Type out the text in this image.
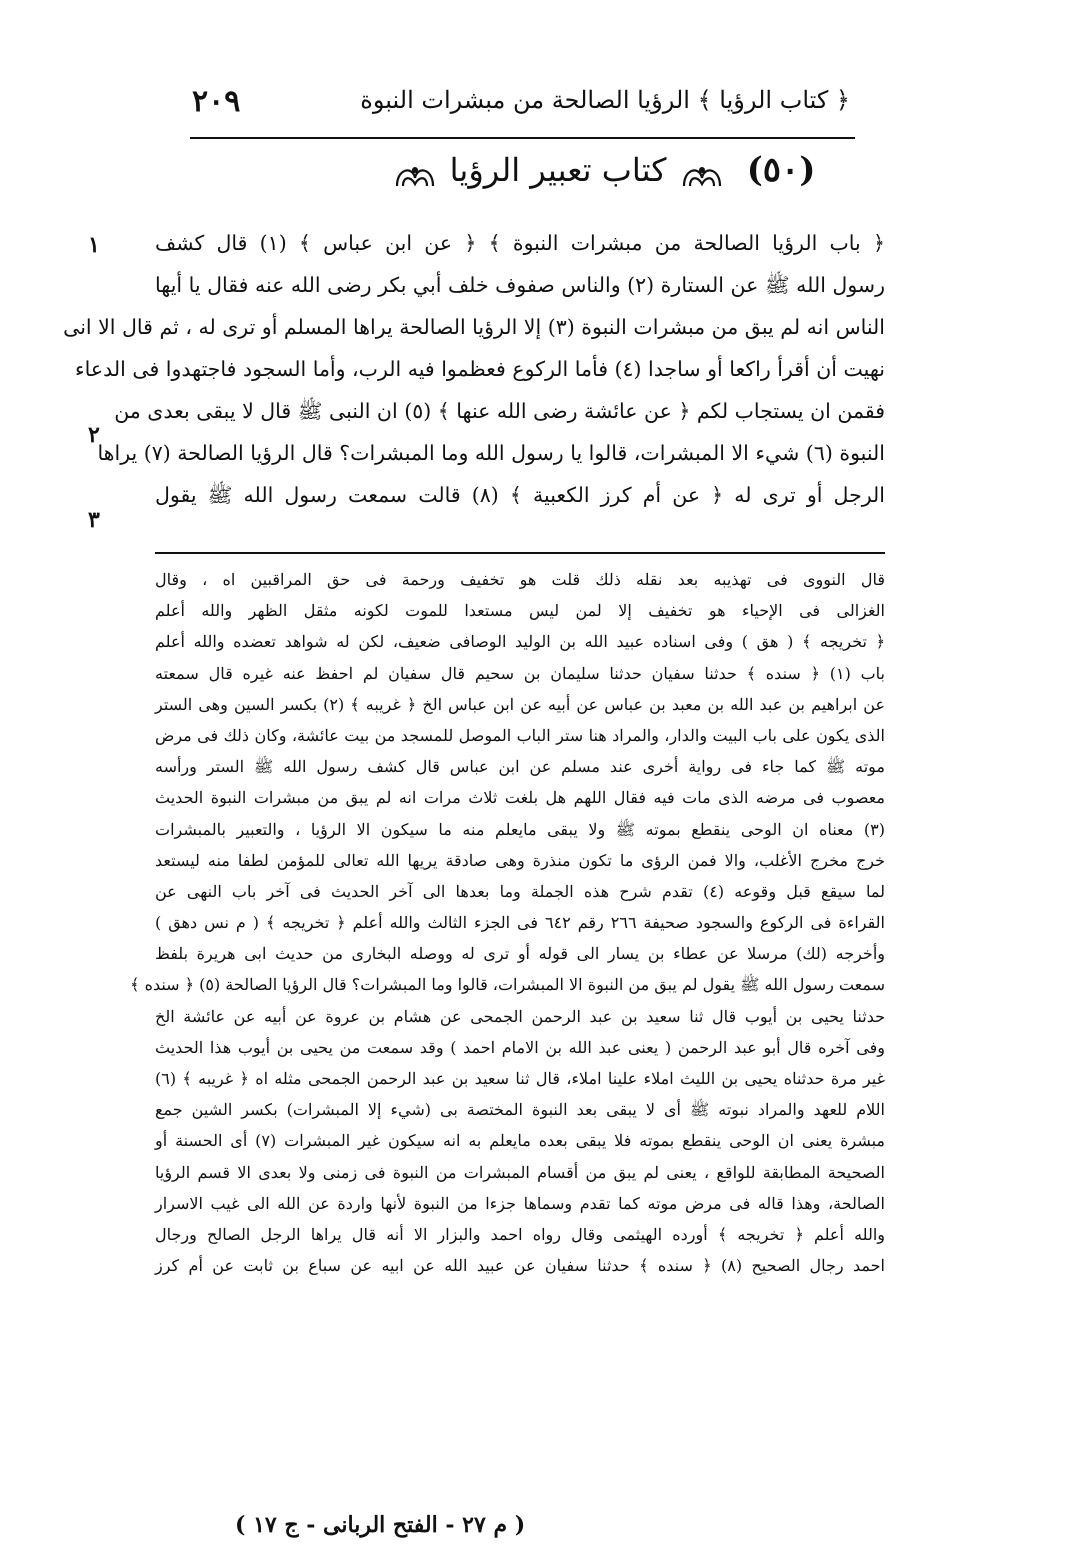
٢٠٩	﴿ كتاب الرؤيا ﴾ الرؤيا الصالحة من مبشرات النبوة
(٥٠)  كتاب تعبير الرؤيا
١
٢
٣
﴿ باب الرؤيا الصالحة من مبشرات النبوة ﴾ ﴿ عن ابن عباس ﴾ (١) قال كشف
رسول الله ﷺ عن الستارة (٢) والناس صفوف خلف أبي بكر رضى الله عنه فقال يا أيها
الناس انه لم يبق من مبشرات النبوة (٣) إلا الرؤيا الصالحة يراها المسلم أو ترى له ، ثم قال الا انى
نهيت أن أقرأ راكعا أو ساجدا (٤) فأما الركوع فعظموا فيه الرب، وأما السجود فاجتهدوا فى الدعاء
فقمن ان يستجاب لكم ﴿ عن عائشة رضى الله عنها ﴾ (٥) ان النبى ﷺ قال لا يبقى بعدى من
النبوة (٦) شيء الا المبشرات، قالوا يا رسول الله وما المبشرات؟ قال الرؤيا الصالحة (٧) يراها
الرجل أو ترى له ﴿ عن أم كرز الكعبية ﴾ (٨) قالت سمعت رسول الله ﷺ يقول
قال النووى فى تهذيبه بعد نقله ذلك قلت هو تخفيف ورحمة فى حق المراقبين اه ، وقال
الغزالى فى الإحياء هو تخفيف إلا لمن ليس مستعدا للموت لكونه مثقل الظهر والله أعلم
﴿ تخريجه ﴾ ( هق ) وفى اسناده عبيد الله بن الوليد الوصافى ضعيف، لكن له شواهد تعضده والله أعلم
باب (١) ﴿ سنده ﴾ حدثنا سفيان حدثنا سليمان بن سحيم قال سفيان لم احفظ عنه غيره قال سمعته
عن ابراهيم بن عبد الله بن معبد بن عباس عن أبيه عن ابن عباس الخ ﴿ غريبه ﴾ (٢) بكسر السين وهى الستر
الذى يكون على باب البيت والدار، والمراد هنا ستر الباب الموصل للمسجد من بيت عائشة، وكان ذلك فى مرض
موته ﷺ كما جاء فى رواية أخرى عند مسلم عن ابن عباس قال كشف رسول الله ﷺ الستر ورأسه
معصوب فى مرضه الذى مات فيه فقال اللهم هل بلغت ثلاث مرات انه لم يبق من مبشرات النبوة الحديث
(٣) معناه ان الوحى ينقطع بموته ﷺ ولا يبقى مايعلم منه ما سيكون الا الرؤيا ، والتعبير بالمبشرات
خرج مخرج الأغلب، والا فمن الرؤى ما تكون منذرة وهى صادقة يريها الله تعالى للمؤمن لطفا منه ليستعد
لما سيقع قبل وقوعه (٤) تقدم شرح هذه الجملة وما بعدها الى آخر الحديث فى آخر باب النهى عن
القراءة فى الركوع والسجود صحيفة ٢٦٦ رقم ٦٤٢ فى الجزء الثالث والله أعلم ﴿ تخريجه ﴾ ( م نس دهق )
وأخرجه (لك) مرسلا عن عطاء بن يسار الى قوله أو ترى له ووصله البخارى من حديث ابى هريرة بلفظ
سمعت رسول الله ﷺ يقول لم يبق من النبوة الا المبشرات، قالوا وما المبشرات؟ قال الرؤيا الصالحة (٥) ﴿ سنده ﴾
حدثنا يحيى بن أيوب قال ثنا سعيد بن عبد الرحمن الجمحى عن هشام بن عروة عن أبيه عن عائشة الخ
وفى آخره قال أبو عبد الرحمن ( يعنى عبد الله بن الامام احمد ) وقد سمعت من يحيى بن أيوب هذا الحديث
غير مرة حدثناه يحيى بن الليث املاء علينا املاء، قال ثنا سعيد بن عبد الرحمن الجمحى مثله اه ﴿ غريبه ﴾ (٦)
اللام للعهد والمراد نبوته ﷺ أى لا يبقى بعد النبوة المختصة بى (شيء إلا المبشرات) بكسر الشين جمع
مبشرة يعنى ان الوحى ينقطع بموته فلا يبقى بعده مايعلم به انه سيكون غير المبشرات (٧) أى الحسنة أو
الصحيحة المطابقة للواقع ، يعنى لم يبق من أقسام المبشرات من النبوة فى زمنى ولا بعدى الا قسم الرؤيا
الصالحة، وهذا قاله فى مرض موته كما تقدم وسماها جزءا من النبوة لأنها واردة عن الله الى غيب الاسرار
والله أعلم ﴿ تخريجه ﴾ أورده الهيثمى وقال رواه احمد والبزار الا أنه قال يراها الرجل الصالح ورجال
احمد رجال الصحيح (٨) ﴿ سنده ﴾ حدثنا سفيان عن عبيد الله عن ابيه عن سباع بن ثابت عن أم كرز
( م ٢٧ - الفتح الربانى - ج ١٧ )
